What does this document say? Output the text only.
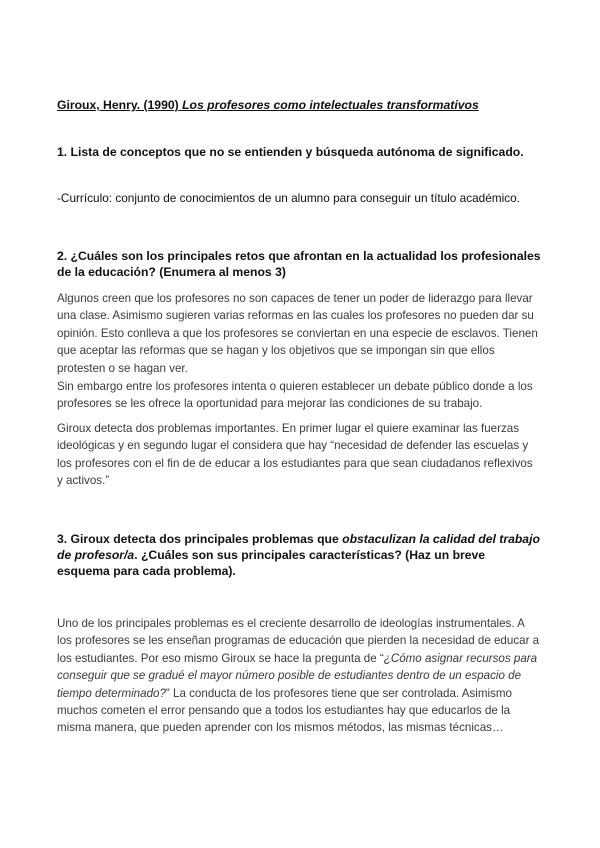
Giroux, Henry. (1990) Los profesores como intelectuales transformativos

1. Lista de conceptos que no se entienden y búsqueda autónoma de significado.

-Currículo: conjunto de conocimientos de un alumno para conseguir un título académico.

2. ¿Cuáles son los principales retos que afrontan en la actualidad los profesionales de la educación? (Enumera al menos 3)

Algunos creen que los profesores no son capaces de tener un poder de liderazgo para llevar una clase. Asimismo sugieren varias reformas en las cuales los profesores no pueden dar su opinión. Esto conlleva a que los profesores se conviertan en una especie de esclavos. Tienen que aceptar las reformas que se hagan y los objetivos que se impongan sin que ellos protesten o se hagan ver.

Sin embargo entre los profesores intenta o quieren establecer un debate público donde a los profesores se les ofrece la oportunidad para mejorar las condiciones de su trabajo.

Giroux detecta dos problemas importantes. En primer lugar el quiere examinar las fuerzas ideológicas y en segundo lugar el considera que hay “necesidad de defender las escuelas y los profesores con el fin de de educar a los estudiantes para que sean ciudadanos reflexivos y activos.”

3. Giroux detecta dos principales problemas que obstaculizan la calidad del trabajo de profesor/a. ¿Cuáles son sus principales características? (Haz un breve esquema para cada problema).

Uno de los principales problemas es el creciente desarrollo de ideologías instrumentales. A los profesores se les enseñan programas de educación que pierden la necesidad de educar a los estudiantes. Por eso mismo Giroux se hace la pregunta de “¿Cómo asignar recursos para conseguir que se gradué el mayor número posible de estudiantes dentro de un espacio de tiempo determinado?” La conducta de los profesores tiene que ser controlada. Asimismo muchos cometen el error pensando que a todos los estudiantes hay que educarlos de la misma manera, que pueden aprender con los mismos métodos, las mismas técnicas…
